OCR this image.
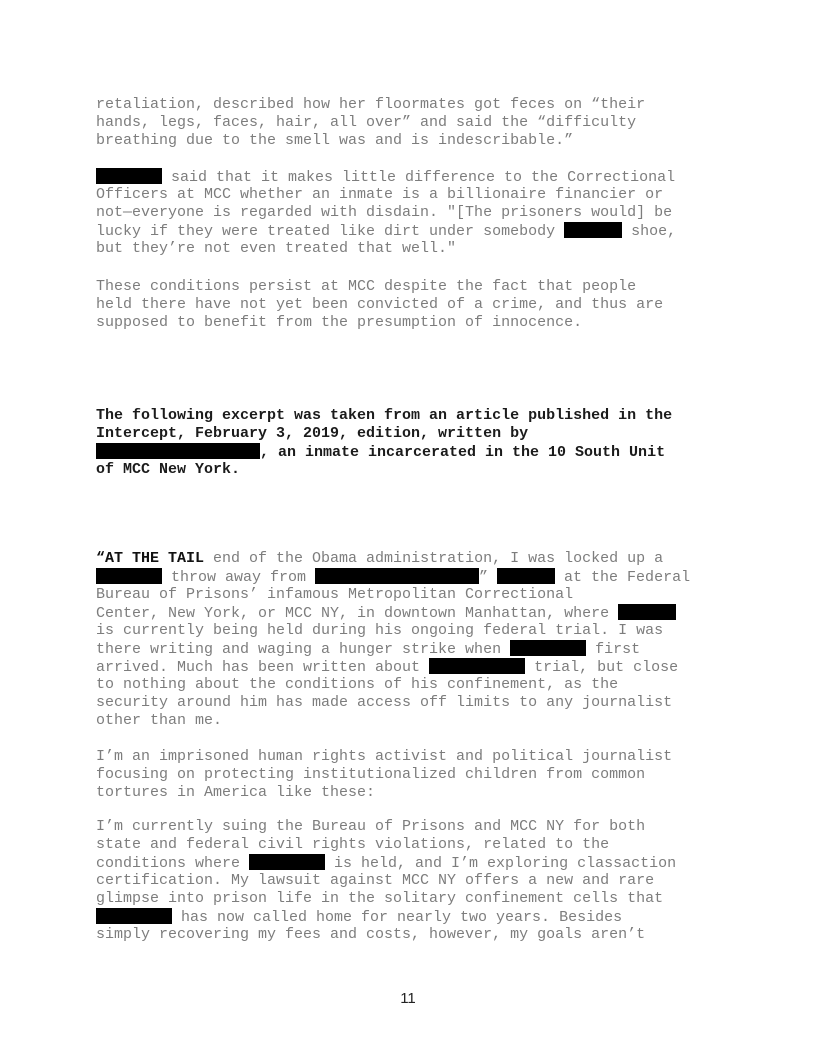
retaliation, described how her floormates got feces on “their
hands, legs, faces, hair, all over” and said the “difficulty
breathing due to the smell was and is indescribable.”
said that it makes little difference to the Correctional
Officers at MCC whether an inmate is a billionaire financier or
not—everyone is regarded with disdain. "[The prisoners would] be
lucky if they were treated like dirt under somebody	shoe,
but they’re not even treated that well."
These conditions persist at MCC despite the fact that people
held there have not yet been convicted of a crime, and thus are
supposed to benefit from the presumption of innocence.
The following excerpt was taken from an article published in the
Intercept, February 3, 2019, edition, written by
, an inmate incarcerated in the 10 South Unit
of MCC New York.
“AT THE TAIL end of the Obama administration, I was locked up a
throw away from	”	at the Federal
Bureau of Prisons’ infamous Metropolitan Correctional
Center, New York, or MCC NY, in downtown Manhattan, where
is currently being held during his ongoing federal trial. I was
there writing and waging a hunger strike when	first
arrived. Much has been written about	trial, but close
to nothing about the conditions of his confinement, as the
security around him has made access off limits to any journalist
other than me.
I’m an imprisoned human rights activist and political journalist
focusing on protecting institutionalized children from common
tortures in America like these:
I’m currently suing the Bureau of Prisons and MCC NY for both
state and federal civil rights violations, related to the
conditions where	is held, and I’m exploring classaction
certification. My lawsuit against MCC NY offers a new and rare
glimpse into prison life in the solitary confinement cells that
has now called home for nearly two years. Besides
simply recovering my fees and costs, however, my goals aren’t
11
